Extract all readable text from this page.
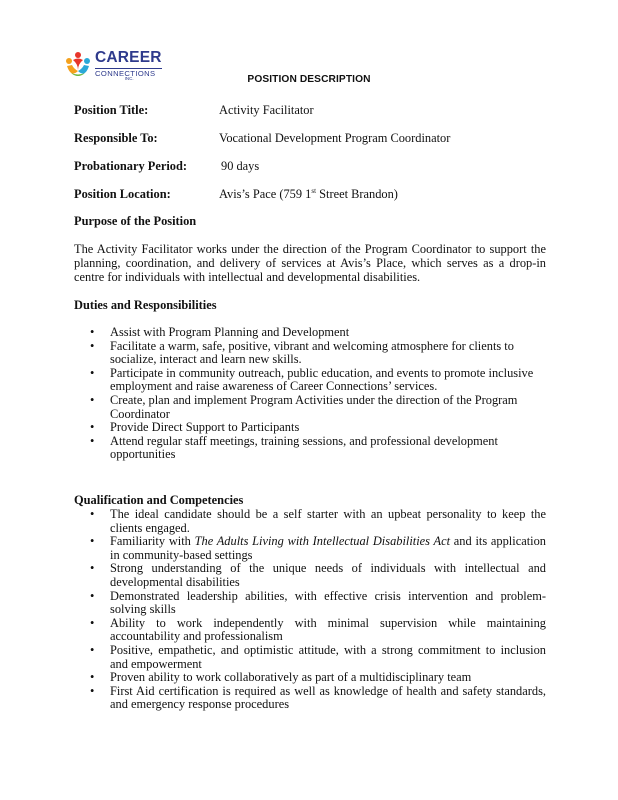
CAREER
CONNECTIONS
INC.	POSITION DESCRIPTION
Position Title:	Activity Facilitator
Responsible To:	Vocational Development Program Coordinator
Probationary Period:	90 days
Position Location:	Avis’s Pace (759 1st Street Brandon)
Purpose of the Position
The Activity Facilitator works under the direction of the Program Coordinator to support the planning, coordination, and delivery of services at Avis’s Place, which serves as a drop-in centre for individuals with intellectual and developmental disabilities.
Duties and Responsibilities
• Assist with Program Planning and Development
• Facilitate a warm, safe, positive, vibrant and welcoming atmosphere for clients to socialize, interact and learn new skills.
• Participate in community outreach, public education, and events to promote inclusive employment and raise awareness of Career Connections’ services.
• Create, plan and implement Program Activities under the direction of the Program Coordinator
• Provide Direct Support to Participants
• Attend regular staff meetings, training sessions, and professional development opportunities
Qualification and Competencies
• The ideal candidate should be a self starter with an upbeat personality to keep the clients engaged.
• Familiarity with The Adults Living with Intellectual Disabilities Act and its application in community-based settings
• Strong understanding of the unique needs of individuals with intellectual and developmental disabilities
• Demonstrated leadership abilities, with effective crisis intervention and problem-solving skills
• Ability to work independently with minimal supervision while maintaining accountability and professionalism
• Positive, empathetic, and optimistic attitude, with a strong commitment to inclusion and empowerment
• Proven ability to work collaboratively as part of a multidisciplinary team
• First Aid certification is required as well as knowledge of health and safety standards, and emergency response procedures
